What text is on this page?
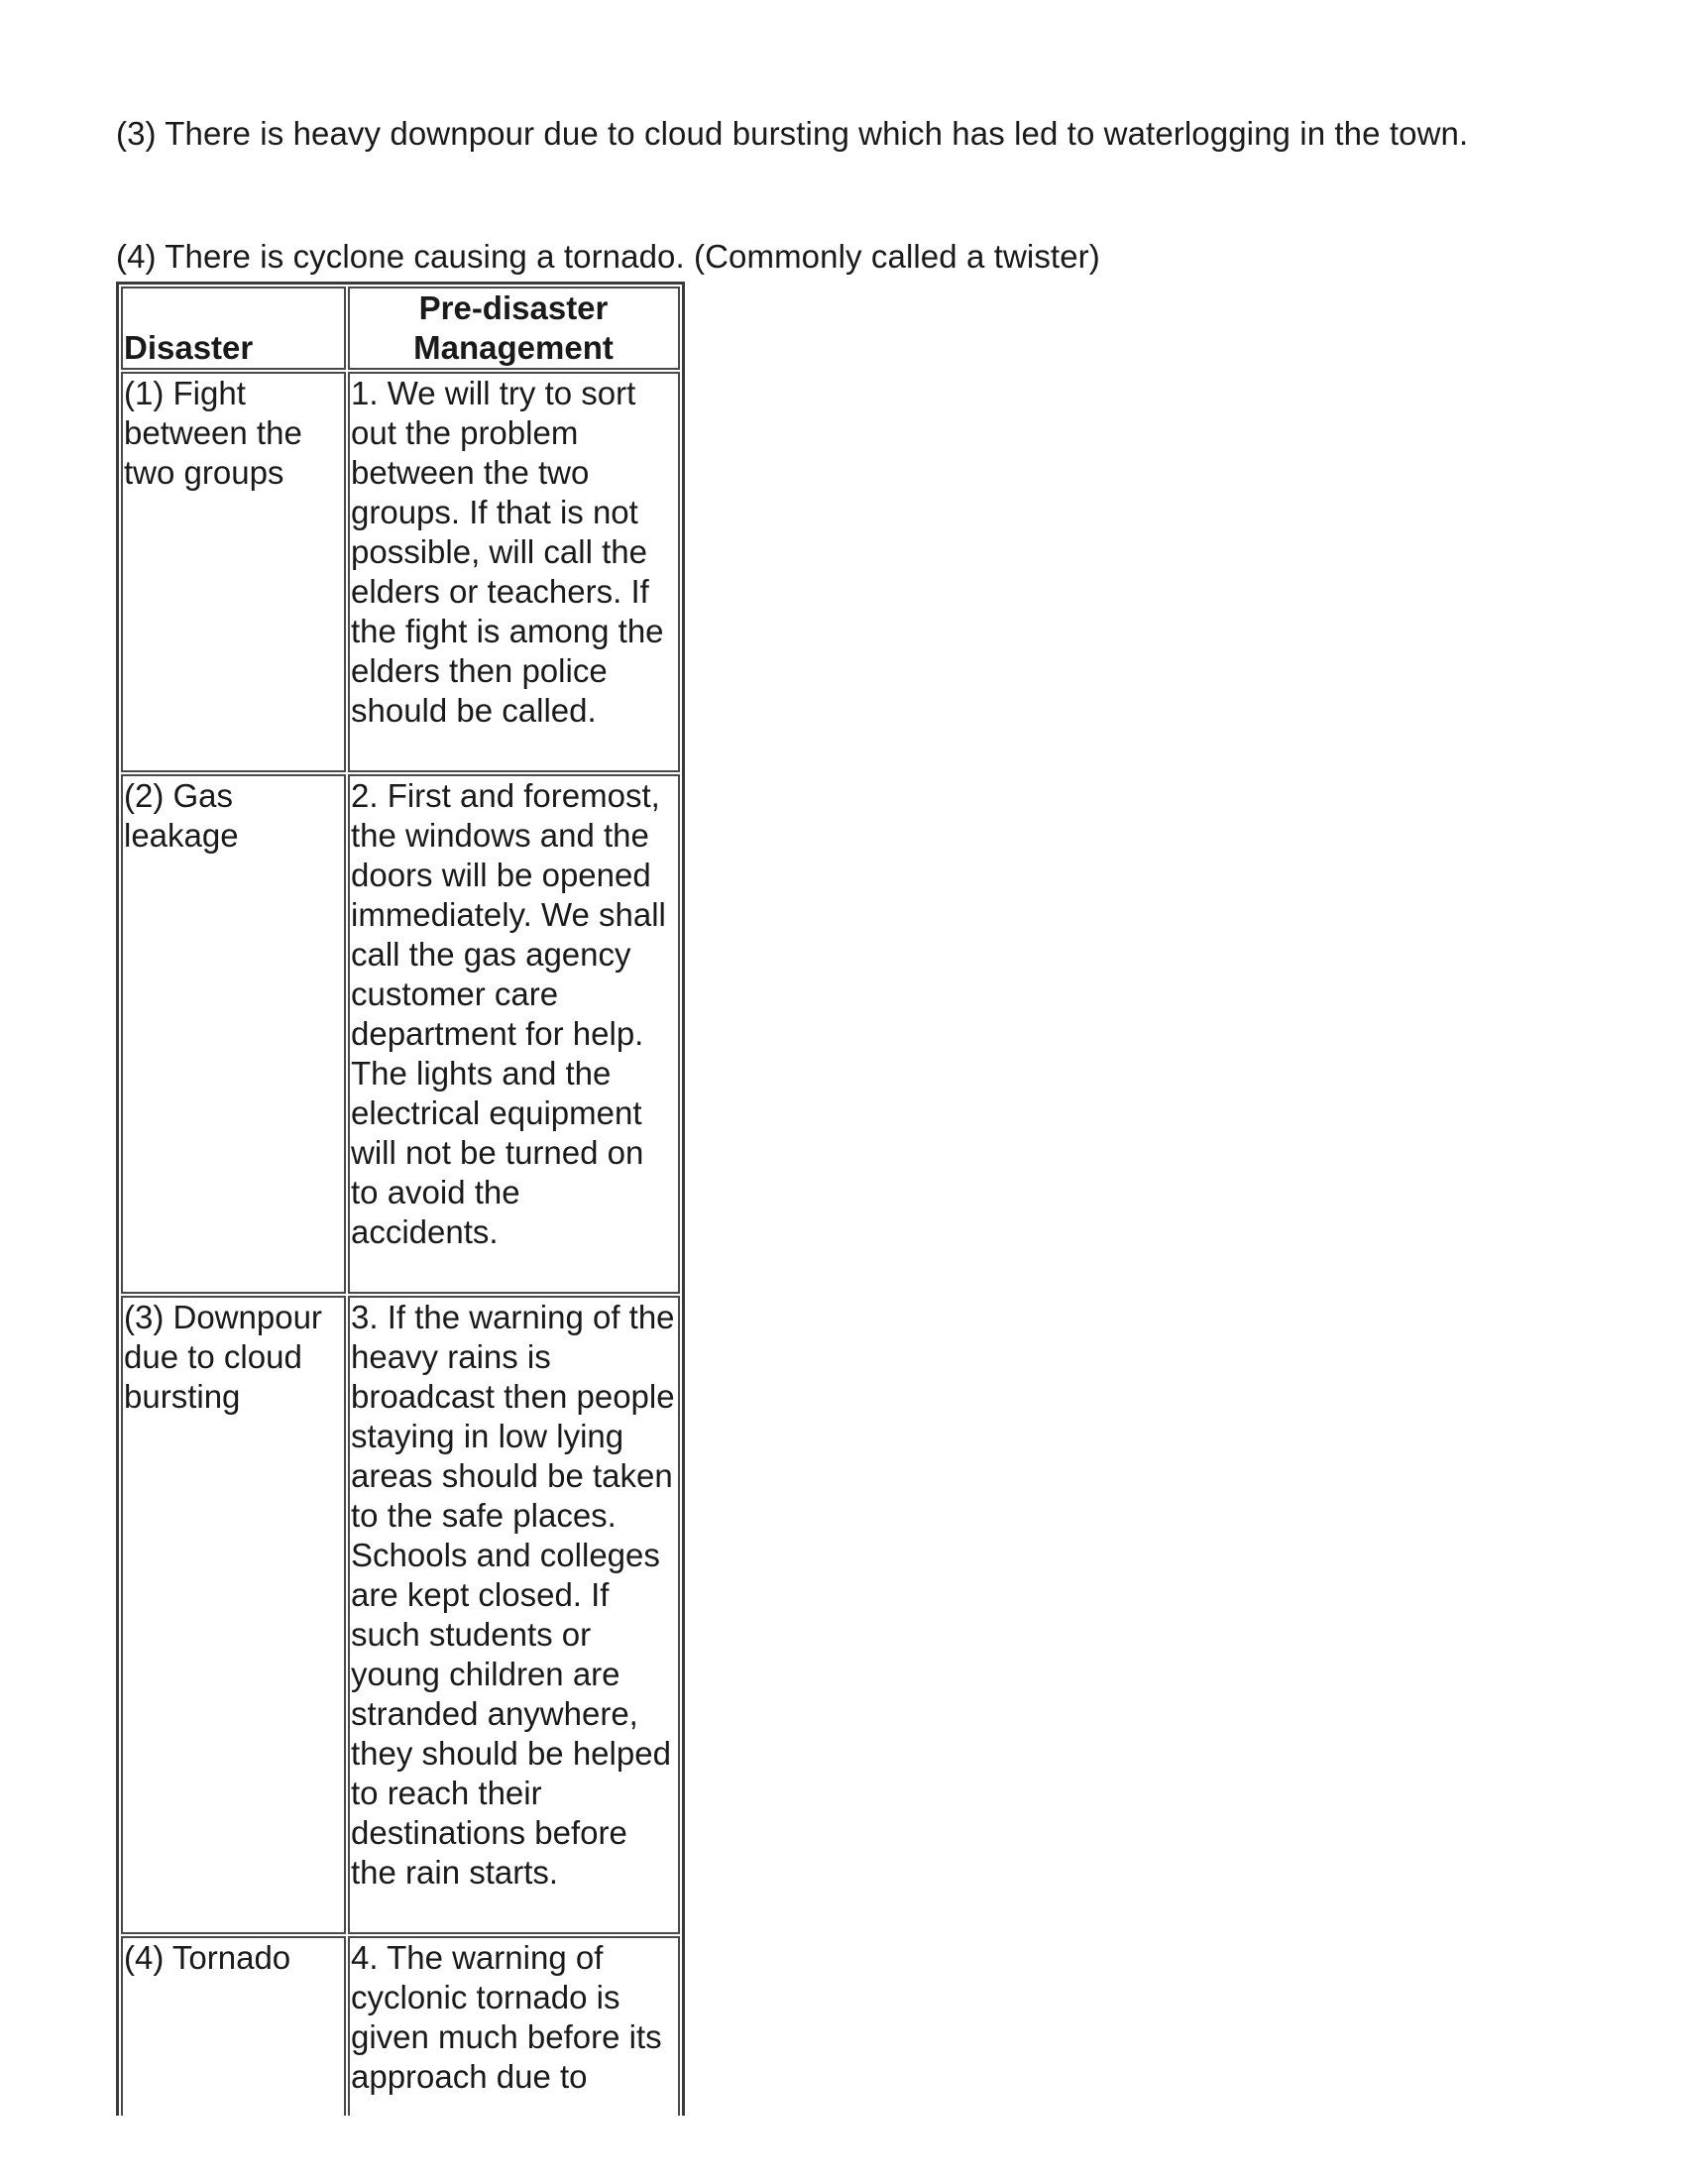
(3) There is heavy downpour due to cloud bursting which has led to waterlogging in the town.

(4) There is cyclone causing a tornado. (Commonly called a twister)

Disaster	Pre-disaster Management
(1) Fight between the two groups	1. We will try to sort out the problem between the two groups. If that is not possible, will call the elders or teachers. If the fight is among the elders then police should be called.
(2) Gas leakage	2. First and foremost, the windows and the doors will be opened immediately. We shall call the gas agency customer care department for help. The lights and the electrical equipment will not be turned on to avoid the accidents.
(3) Downpour due to cloud bursting	3. If the warning of the heavy rains is broadcast then people staying in low lying areas should be taken to the safe places. Schools and colleges are kept closed. If such students or young children are stranded anywhere, they should be helped to reach their destinations before the rain starts.
(4) Tornado	4. The warning of cyclonic tornado is given much before its approach due to
